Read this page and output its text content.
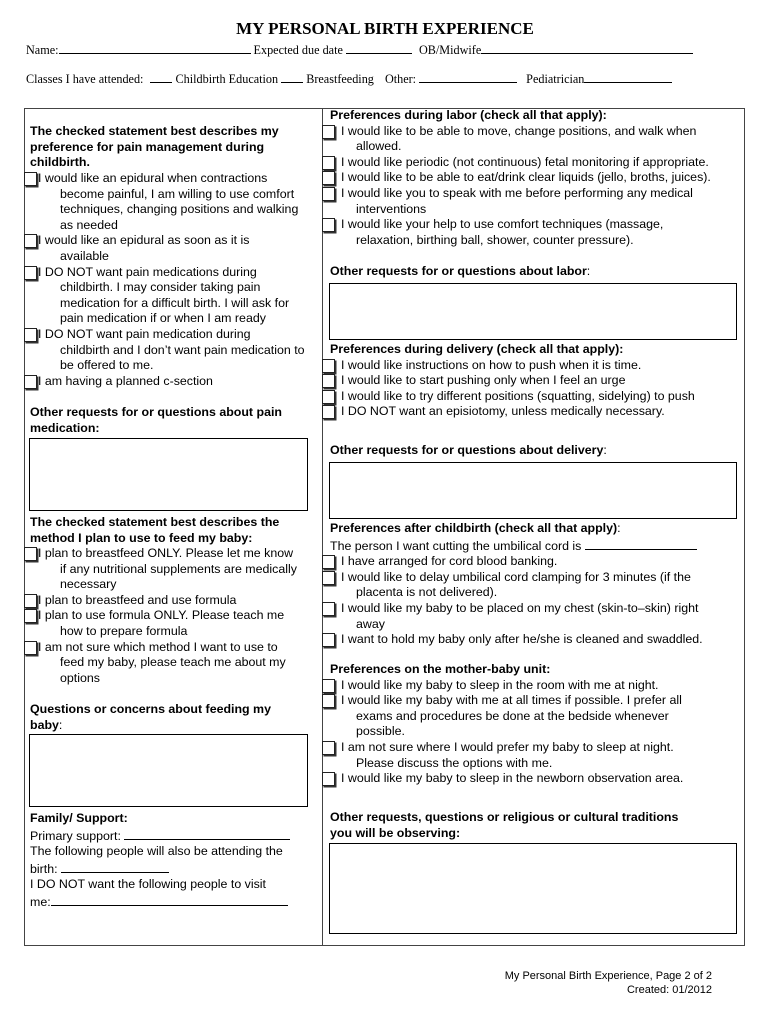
MY PERSONAL BIRTH EXPERIENCE
Name:	Expected due date	OB/Midwife
Classes I have attended:	Childbirth Education Breastfeeding Other:	Pediatrician
The checked statement best describes my
preference for pain management during
childbirth.
I would like an epidural when contractions
become painful, I am willing to use comfort
techniques, changing positions and walking
as needed
I would like an epidural as soon as it is
available
I DO NOT want pain medications during
childbirth. I may consider taking pain
medication for a difficult birth. I will ask for
pain medication if or when I am ready
I DO NOT want pain medication during
childbirth and I don’t want pain medication to
be offered to me.
I am having a planned c-section
Other requests for or questions about pain
medication:
The checked statement best describes the
method I plan to use to feed my baby:
I plan to breastfeed ONLY. Please let me know
if any nutritional supplements are medically
necessary
I plan to breastfeed and use formula
I plan to use formula ONLY. Please teach me
how to prepare formula
I am not sure which method I want to use to
feed my baby, please teach me about my
options
Questions or concerns about feeding my
baby:
Family/ Support:
Primary support:
The following people will also be attending the
birth:
I DO NOT want the following people to visit
me:
Preferences during labor (check all that apply):
I would like to be able to move, change positions, and walk when
allowed.
I would like periodic (not continuous) fetal monitoring if appropriate.
I would like to be able to eat/drink clear liquids (jello, broths, juices).
I would like you to speak with me before performing any medical
interventions
I would like your help to use comfort techniques (massage,
relaxation, birthing ball, shower, counter pressure).
Other requests for or questions about labor:
Preferences during delivery (check all that apply):
I would like instructions on how to push when it is time.
I would like to start pushing only when I feel an urge
I would like to try different positions (squatting, sidelying) to push
I DO NOT want an episiotomy, unless medically necessary.
Other requests for or questions about delivery:
Preferences after childbirth (check all that apply):
The person I want cutting the umbilical cord is
I have arranged for cord blood banking.
I would like to delay umbilical cord clamping for 3 minutes (if the
placenta is not delivered).
I would like my baby to be placed on my chest (skin-to–skin) right
away
I want to hold my baby only after he/she is cleaned and swaddled.
Preferences on the mother-baby unit:
I would like my baby to sleep in the room with me at night.
I would like my baby with me at all times if possible. I prefer all
exams and procedures be done at the bedside whenever
possible.
I am not sure where I would prefer my baby to sleep at night.
Please discuss the options with me.
I would like my baby to sleep in the newborn observation area.
Other requests, questions or religious or cultural traditions
you will be observing:
My Personal Birth Experience, Page 2 of 2
Created: 01/2012
